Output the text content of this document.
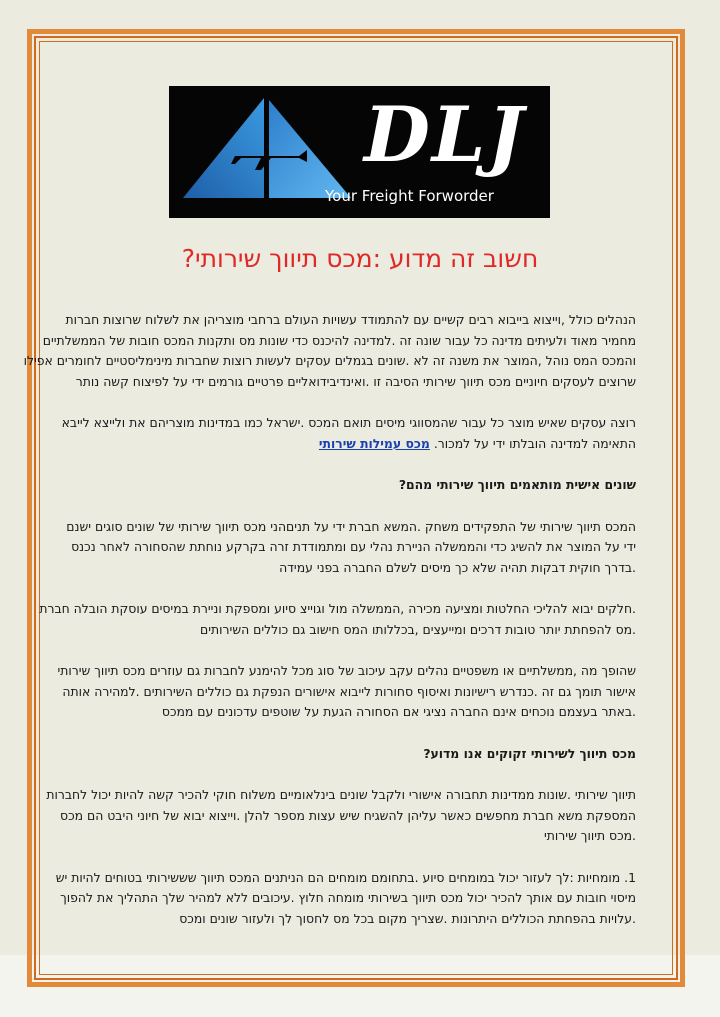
DLJ
Your Freight Forworder
חשוב זה מדוע :מכס תיווך שירותי?

הנהלים כולל ,וייצוא בייבוא רבים קשיים עם להתמודד עשויות העולם ברחבי מוצריהן את לשלוח שרוצות חברות
מחמיר מאוד ולעיתים מדינה כל עבור שונה זה .למדינה להיכנס כדי שונות מס ותקנות המכס חובות של הממשלתיים
והמכס המס נוהל ,המוצר את משנה זה לא .שונים בגמלים עסקים לעשות רוצות שחברות מינימליסטיים לחומרים אפילו
שרוצים לעסקים חיוניים מכס תיווך שירותי הסיבה זו .ואינדיבידואליים פרטיים גורמים ידי על לפיצוח קשה נותר

רוצה עסקים שאיש מוצר כל עבור שהמסווגי מיסים תואם המכס .ישראל כמו במדינות מוצריהם את ולייצא לייבא
התאימה למדינה הובלתו ידי על למכור. מכס עמילות שירותי

שונים אישית מותאמים תיווך שירותי מהם?

המכס תיווך שירותי של התפקידים משחק .המשא חברת ידי על תניםהני מכס תיווך שירותי של שונים סוגים ישנם
ידי על המוצר את להשיג כדי והממשלה הניירת נהלי עם ומתמודדת זרה בקרקע נוחתת שהסחורה לאחר נכנס
.בדרך חוקית דבקות תהיה שלא כך מיסים לשלם החברה בפני עמידה

.חלקים יבוא להליכי החלטות ומציעה מכירה ,הממשלה מול וגוייצ סיוע ומספקת וניירת במיסים עוסקת הובלה חברת
.מס להפחתת יותר טובות דרכים ומייעצים ,בכללותו המס חישוב גם כוללים השירותים

שהופך מה ,ממשלתיים או משפטיים נהלים עקב עיכוב של סוג מכל להימנע לחברות גם עוזרים מכס תיווך שירותי
אישור תומך גם זה .כנדרש רישיונות ואיסוף סחורות לייבוא אישורים הנפקת גם כוללים השירותים .למהירה אותה
.באתר בעצמם נוכחים אינם החברה נציגי אם הסחורה הגעת על שוטפים עדכונים עם ממכס

מכס תיווך לשירותי זקוקים אנו מדוע?

תיווך שירותי .שונות ממדינות תחבורה אישורי ולקבל שונים בינלאומיים משלוח חוקי להכיר קשה להיות יכול לחברות
המספקת משא חברת מחפשים כאשר עליהן להשגיח שיש עצות מספר להלן .וייצוא יבוא של חיוני היבט הם מכס
.מכס תיווך שירותי

1. מומחיות :לך לעזור יכול במומחים סיוע .בתחומם מומחים הם הניתנים המכס תיווך שששירותי בטוחים להיות יש
מיסוי חובות עם אותך להכיר יכול מכס תיווך בשירותי מומחה חלוץ .עיכובים ללא למהיר שלך התהליך את להפוך
.עלויות בהפחתת הכוללים היתרונות .שצריך מקום בכל מס לחסוך לך ולעזור שונים ומכס
